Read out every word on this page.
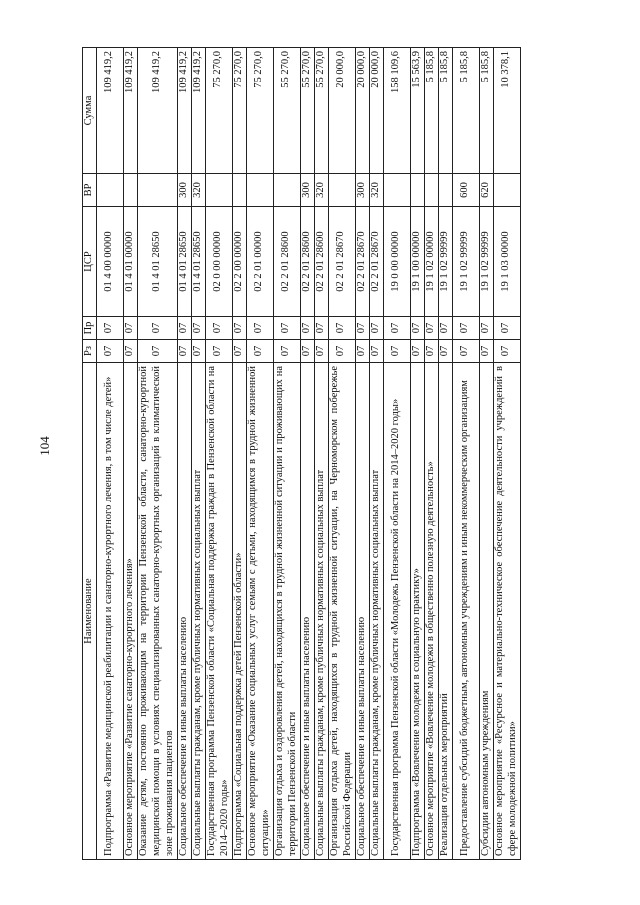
104
Наименование	Рз	Пр	ЦСР	ВР	Сумма
Подпрограмма «Развитие медицинской реабилитации и санаторно-курортного лечения, в том числе детей»	07	07	01 4 00 00000		109 419,2
Основное мероприятие «Развитие санаторно-курортного лечения»	07	07	01 4 01 00000		109 419,2
Оказание детям, постоянно проживающим на территории Пензенской области, санаторно-курортной медицинской помощи в условиях специализированных санаторно-курортных организаций в климатической зоне проживания пациентов	07	07	01 4 01 28650		109 419,2
Социальное обеспечение и иные выплаты населению	07	07	01 4 01 28650	300	109 419,2
Социальные выплаты гражданам, кроме публичных нормативных социальных выплат	07	07	01 4 01 28650	320	109 419,2
Государственная программа Пензенской области «Социальная поддержка граждан в Пензенской области на 2014–2020 годы»	07	07	02 0 00 00000		75 270,0
Подпрограмма «Социальная поддержка детей Пензенской области»	07	07	02 2 00 00000		75 270,0
Основное мероприятие «Оказание социальных услуг семьям с детьми, находящимся в трудной жизненной ситуации»	07	07	02 2 01 00000		75 270,0
Организация отдыха и оздоровления детей, находящихся в трудной жизненной ситуации и проживающих на территории Пензенской области	07	07	02 2 01 28600		55 270,0
Социальное обеспечение и иные выплаты населению	07	07	02 2 01 28600	300	55 270,0
Социальные выплаты гражданам, кроме публичных нормативных социальных выплат	07	07	02 2 01 28600	320	55 270,0
Организация отдыха детей, находящихся в трудной жизненной ситуации, на Черноморском побережье Российской Федерации	07	07	02 2 01 28670		20 000,0
Социальное обеспечение и иные выплаты населению	07	07	02 2 01 28670	300	20 000,0
Социальные выплаты гражданам, кроме публичных нормативных социальных выплат	07	07	02 2 01 28670	320	20 000,0
Государственная программа Пензенской области «Молодежь Пензенской области на 2014–2020 годы»	07	07	19 0 00 00000		158 109,6
Подпрограмма «Вовлечение молодежи в социальную практику»	07	07	19 1 00 00000		15 563,9
Основное мероприятие «Вовлечение молодежи в общественно полезную деятельность»	07	07	19 1 02 00000		5 185,8
Реализация отдельных мероприятий	07	07	19 1 02 99999		5 185,8
Предоставление субсидий бюджетным, автономным учреждениям и иным некоммерческим организациям	07	07	19 1 02 99999	600	5 185,8
Субсидии автономным учреждениям	07	07	19 1 02 99999	620	5 185,8
Основное мероприятие «Ресурсное и материально-техническое обеспечение деятельности учреждений в сфере молодежной политики»	07	07	19 1 03 00000		10 378,1
